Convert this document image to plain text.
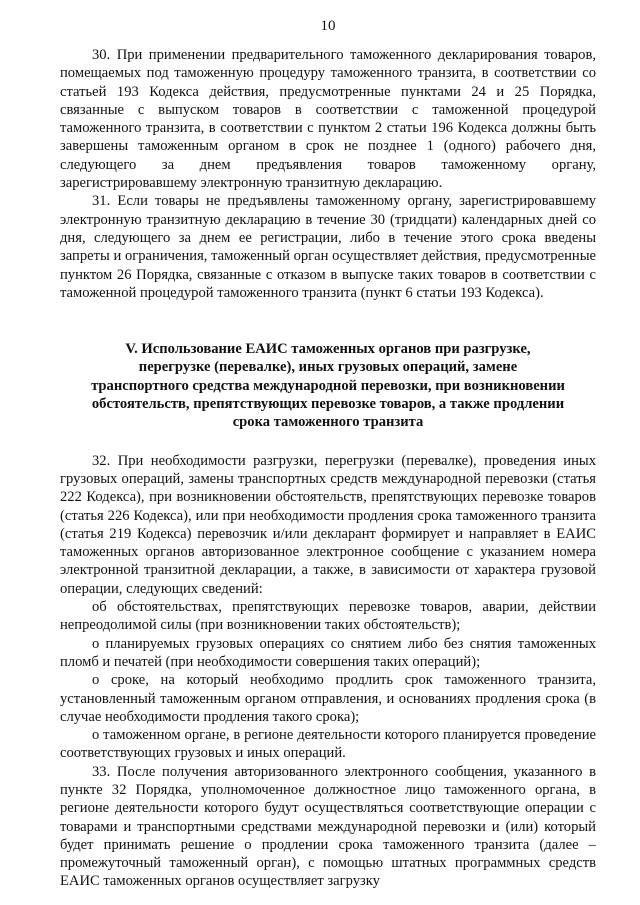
10

30. При применении предварительного таможенного декларирования товаров, помещаемых под таможенную процедуру таможенного транзита, в соответствии со статьей 193 Кодекса действия, предусмотренные пунктами 24 и 25 Порядка, связанные с выпуском товаров в соответствии с таможенной процедурой таможенного транзита, в соответствии с пунктом 2 статьи 196 Кодекса должны быть завершены таможенным органом в срок не позднее 1 (одного) рабочего дня, следующего за днем предъявления товаров таможенному органу, зарегистрировавшему электронную транзитную декларацию.

31. Если товары не предъявлены таможенному органу, зарегистрировавшему электронную транзитную декларацию в течение 30 (тридцати) календарных дней со дня, следующего за днем ее регистрации, либо в течение этого срока введены запреты и ограничения, таможенный орган осуществляет действия, предусмотренные пунктом 26 Порядка, связанные с отказом в выпуске таких товаров в соответствии с таможенной процедурой таможенного транзита (пункт 6 статьи 193 Кодекса).

V. Использование ЕАИС таможенных органов при разгрузке, перегрузке (перевалке), иных грузовых операций, замене транспортного средства международной перевозки, при возникновении обстоятельств, препятствующих перевозке товаров, а также продлении срока таможенного транзита

32. При необходимости разгрузки, перегрузки (перевалке), проведения иных грузовых операций, замены транспортных средств международной перевозки (статья 222 Кодекса), при возникновении обстоятельств, препятствующих перевозке товаров (статья 226 Кодекса), или при необходимости продления срока таможенного транзита (статья 219 Кодекса) перевозчик и/или декларант формирует и направляет в ЕАИС таможенных органов авторизованное электронное сообщение с указанием номера электронной транзитной декларации, а также, в зависимости от характера грузовой операции, следующих сведений:

об обстоятельствах, препятствующих перевозке товаров, аварии, действии непреодолимой силы (при возникновении таких обстоятельств);

о планируемых грузовых операциях со снятием либо без снятия таможенных пломб и печатей (при необходимости совершения таких операций);

о сроке, на который необходимо продлить срок таможенного транзита, установленный таможенным органом отправления, и основаниях продления срока (в случае необходимости продления такого срока);

о таможенном органе, в регионе деятельности которого планируется проведение соответствующих грузовых и иных операций.

33. После получения авторизованного электронного сообщения, указанного в пункте 32 Порядка, уполномоченное должностное лицо таможенного органа, в регионе деятельности которого будут осуществляться соответствующие операции с товарами и транспортными средствами международной перевозки и (или) который будет принимать решение о продлении срока таможенного транзита (далее – промежуточный таможенный орган), с помощью штатных программных средств ЕАИС таможенных органов осуществляет загрузку
